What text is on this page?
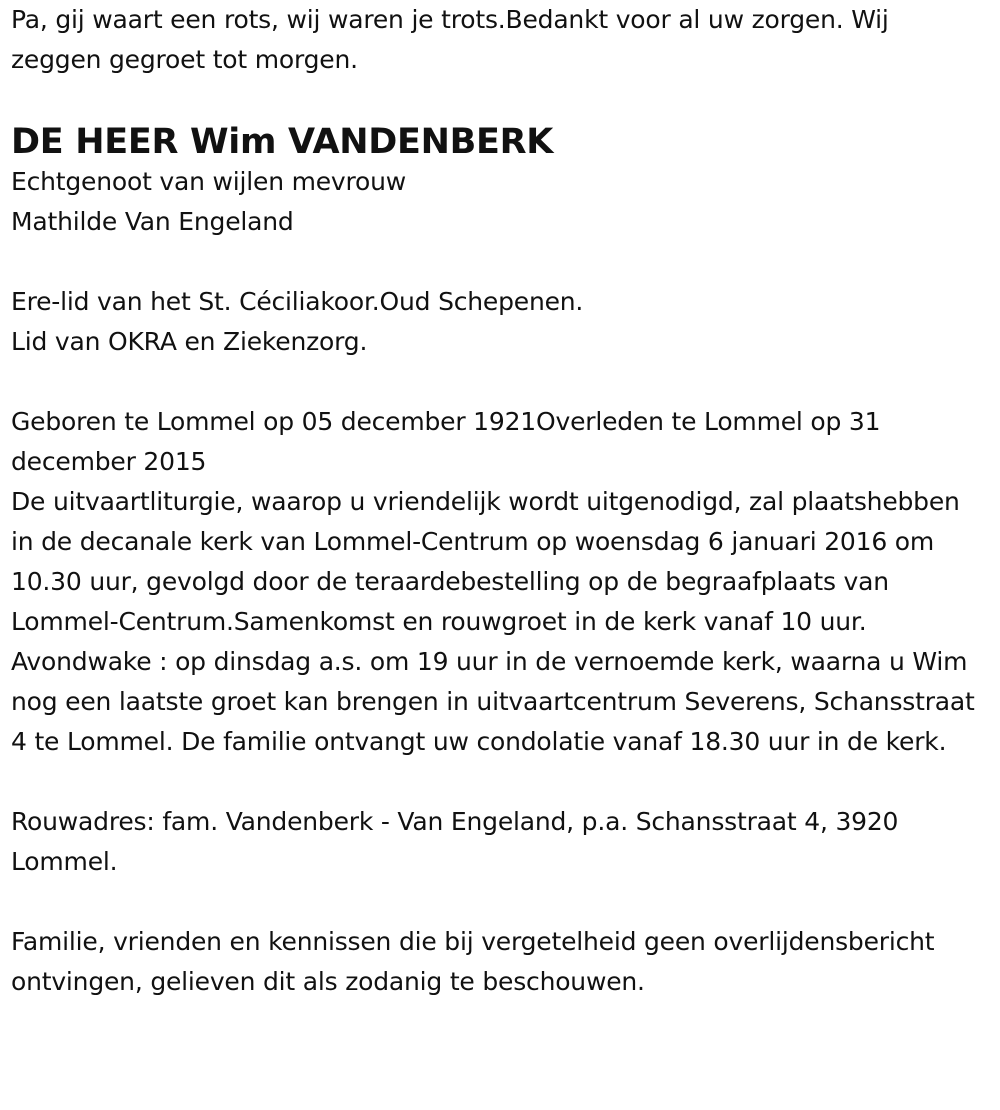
Pa, gij waart een rots, wij waren je trots.Bedankt voor al uw zorgen. Wij zeggen gegroet tot morgen.

DE HEER Wim VANDENBERK

Echtgenoot van wijlen mevrouw
Mathilde Van Engeland

Ere-lid van het St. Céciliakoor.Oud Schepenen.
Lid van OKRA en Ziekenzorg.

Geboren te Lommel op 05 december 1921Overleden te Lommel op 31 december 2015

De uitvaartliturgie, waarop u vriendelijk wordt uitgenodigd, zal plaatshebben in de decanale kerk van Lommel-Centrum op woensdag 6 januari 2016 om 10.30 uur, gevolgd door de teraardebestelling op de begraafplaats van Lommel-Centrum.Samenkomst en rouwgroet in de kerk vanaf 10 uur.

Avondwake : op dinsdag a.s. om 19 uur in de vernoemde kerk, waarna u Wim nog een laatste groet kan brengen in uitvaartcentrum Severens, Schansstraat 4 te Lommel. De familie ontvangt uw condolatie vanaf 18.30 uur in de kerk.

Rouwadres: fam. Vandenberk - Van Engeland, p.a. Schansstraat 4, 3920 Lommel.

Familie, vrienden en kennissen die bij vergetelheid geen overlijdensbericht ontvingen, gelieven dit als zodanig te beschouwen.
